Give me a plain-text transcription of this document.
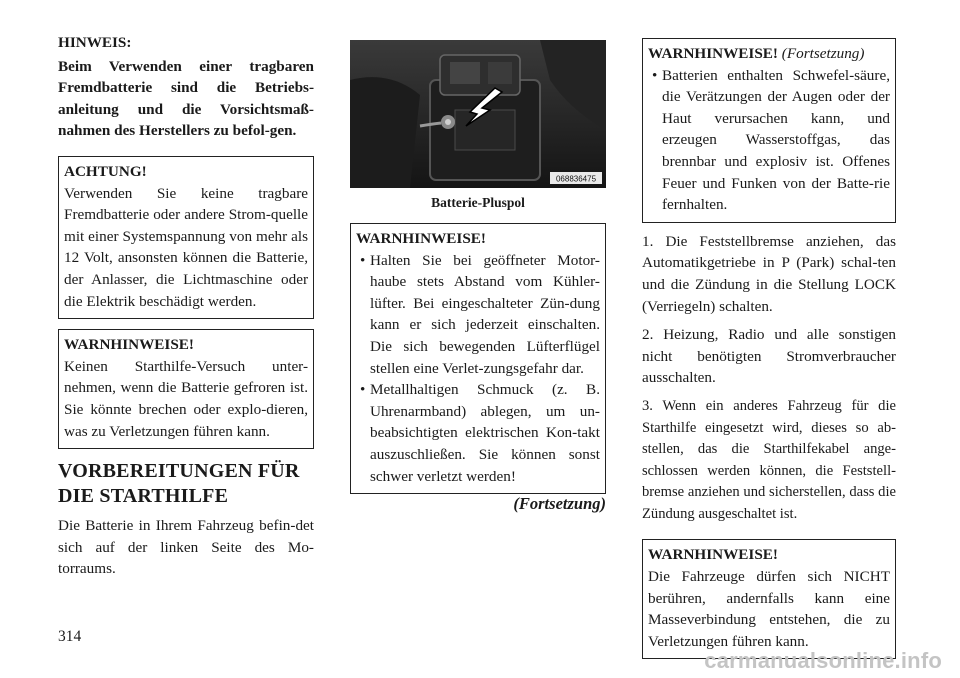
HINWEIS:

Beim Verwenden einer tragbaren Fremdbatterie sind die Betriebs-anleitung und die Vorsichtsmaß-nahmen des Herstellers zu befol-gen.

ACHTUNG!

Verwenden Sie keine tragbare Fremdbatterie oder andere Strom-quelle mit einer Systemspannung von mehr als 12 Volt, ansonsten können die Batterie, der Anlasser, die Lichtmaschine oder die Elektrik beschädigt werden.

WARNHINWEISE!

Keinen Starthilfe-Versuch unter-nehmen, wenn die Batterie gefroren ist. Sie könnte brechen oder explo-dieren, was zu Verletzungen führen kann.

VORBEREITUNGEN FÜR
DIE STARTHILFE

Die Batterie in Ihrem Fahrzeug befin-det sich auf der linken Seite des Mo-torraums.

068836475

Batterie-Pluspol

WARNHINWEISE!

• Halten Sie bei geöffneter Motor-haube stets Abstand vom Kühler-lüfter. Bei eingeschalteter Zün-dung kann er sich jederzeit einschalten. Die sich bewegenden Lüfterflügel stellen eine Verlet-zungsgefahr dar.
• Metallhaltigen Schmuck (z. B. Uhrenarmband) ablegen, um un-beabsichtigten elektrischen Kon-takt auszuschließen. Sie können sonst schwer verletzt werden!

(Fortsetzung)

WARNHINWEISE! (Fortsetzung)

• Batterien enthalten Schwefel-säure, die Verätzungen der Augen oder der Haut verursachen kann, und erzeugen Wasserstoffgas, das brennbar und explosiv ist. Offenes Feuer und Funken von der Batte-rie fernhalten.

1. Die Feststellbremse anziehen, das Automatikgetriebe in P (Park) schal-ten und die Zündung in die Stellung LOCK (Verriegeln) schalten.

2. Heizung, Radio und alle sonstigen nicht benötigten Stromverbraucher ausschalten.

3. Wenn ein anderes Fahrzeug für die Starthilfe eingesetzt wird, dieses so ab-stellen, das die Starthilfekabel ange-schlossen werden können, die Feststell-bremse anziehen und sicherstellen, dass die Zündung ausgeschaltet ist.

WARNHINWEISE!

Die Fahrzeuge dürfen sich NICHT berühren, andernfalls kann eine Masseverbindung entstehen, die zu Verletzungen führen kann.

314
carmanualsonline.info
